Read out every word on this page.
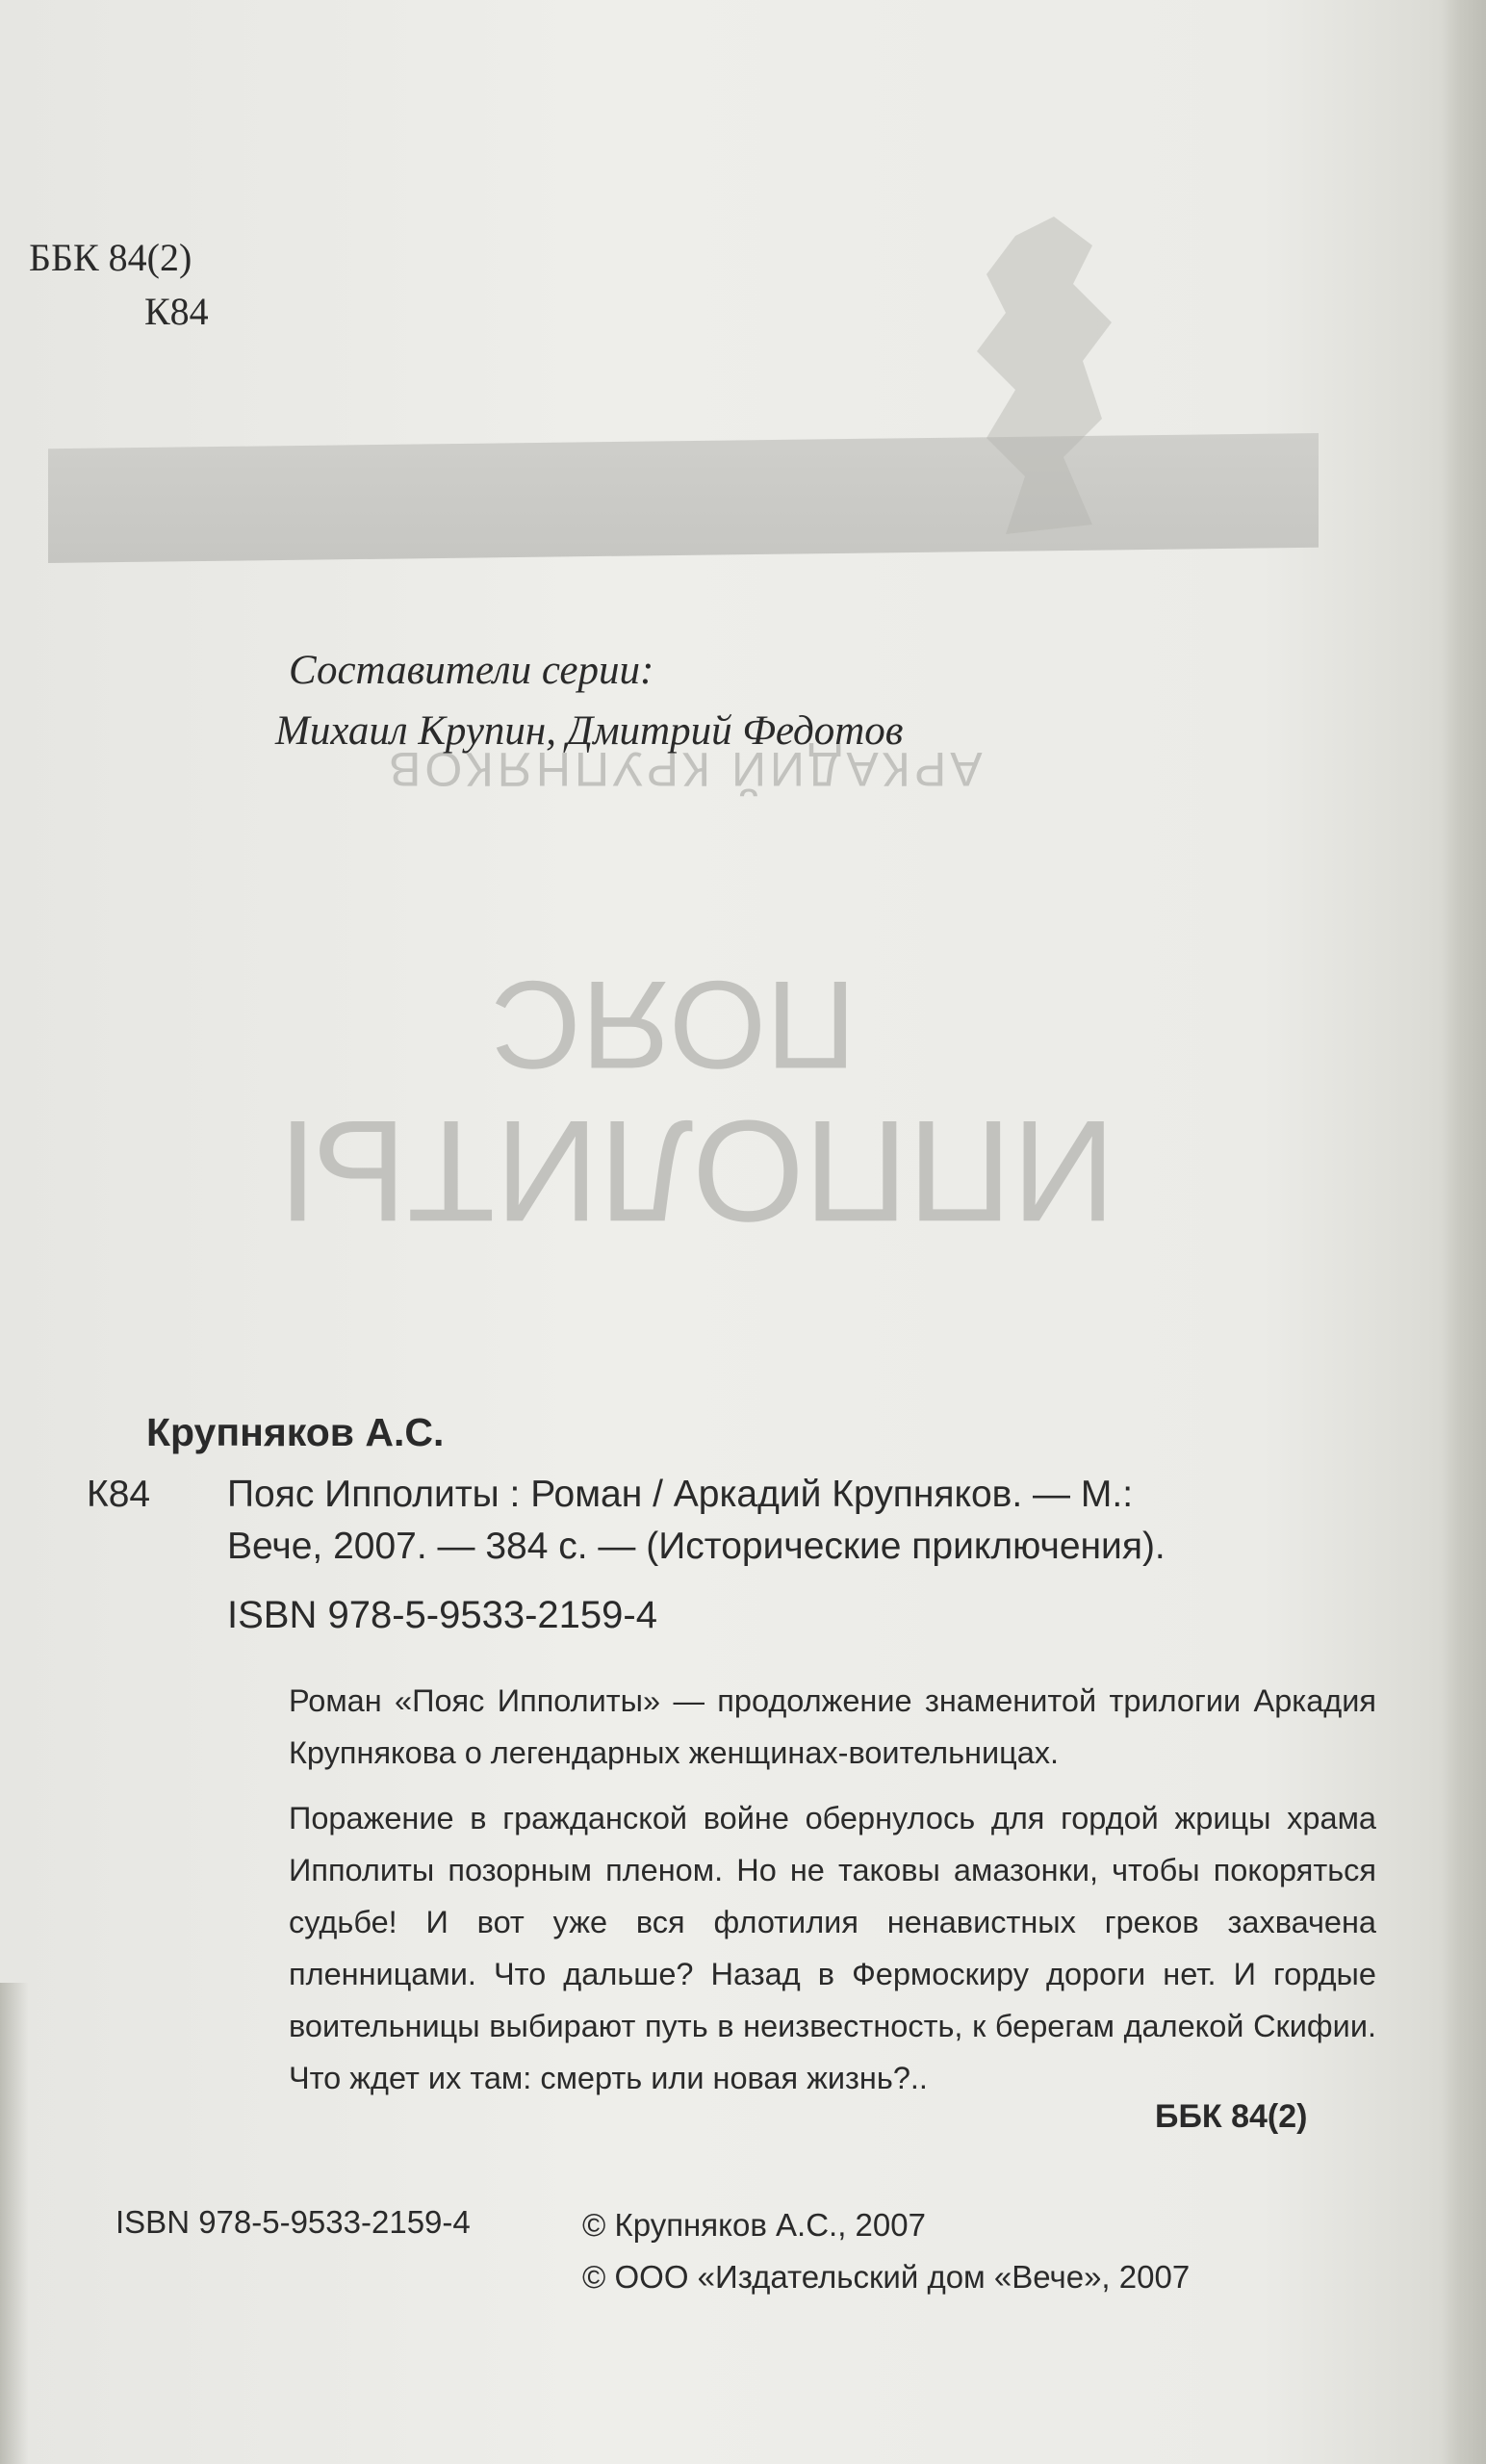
АРКАДИЙ КРУПНЯКОВ
ПОЯС
ИППОЛИТЫ
ББК 84(2)
К84
Составители серии:
Михаил Крупин, Дмитрий Федотов
Крупняков А.С.
К84	Пояс Ипполиты : Роман / Аркадий Крупняков. — М.:
Вече, 2007. — 384 с. — (Исторические приключения).
ISBN 978-5-9533-2159-4

Роман «Пояс Ипполиты» — продолжение знаменитой трилогии Аркадия Крупнякова о легендарных женщинах-воительницах.

Поражение в гражданской войне обернулось для гордой жрицы храма Ипполиты позорным пленом. Но не таковы амазонки, чтобы покоряться судьбе! И вот уже вся флотилия ненавистных греков захвачена пленницами. Что дальше? Назад в Фермоскиру дороги нет. И гордые воительницы выбирают путь в неизвестность, к берегам далекой Скифии. Что ждет их там: смерть или новая жизнь?..

ББК 84(2)
ISBN 978-5-9533-2159-4	© Крупняков А.С., 2007
© ООО «Издательский дом «Вече», 2007
